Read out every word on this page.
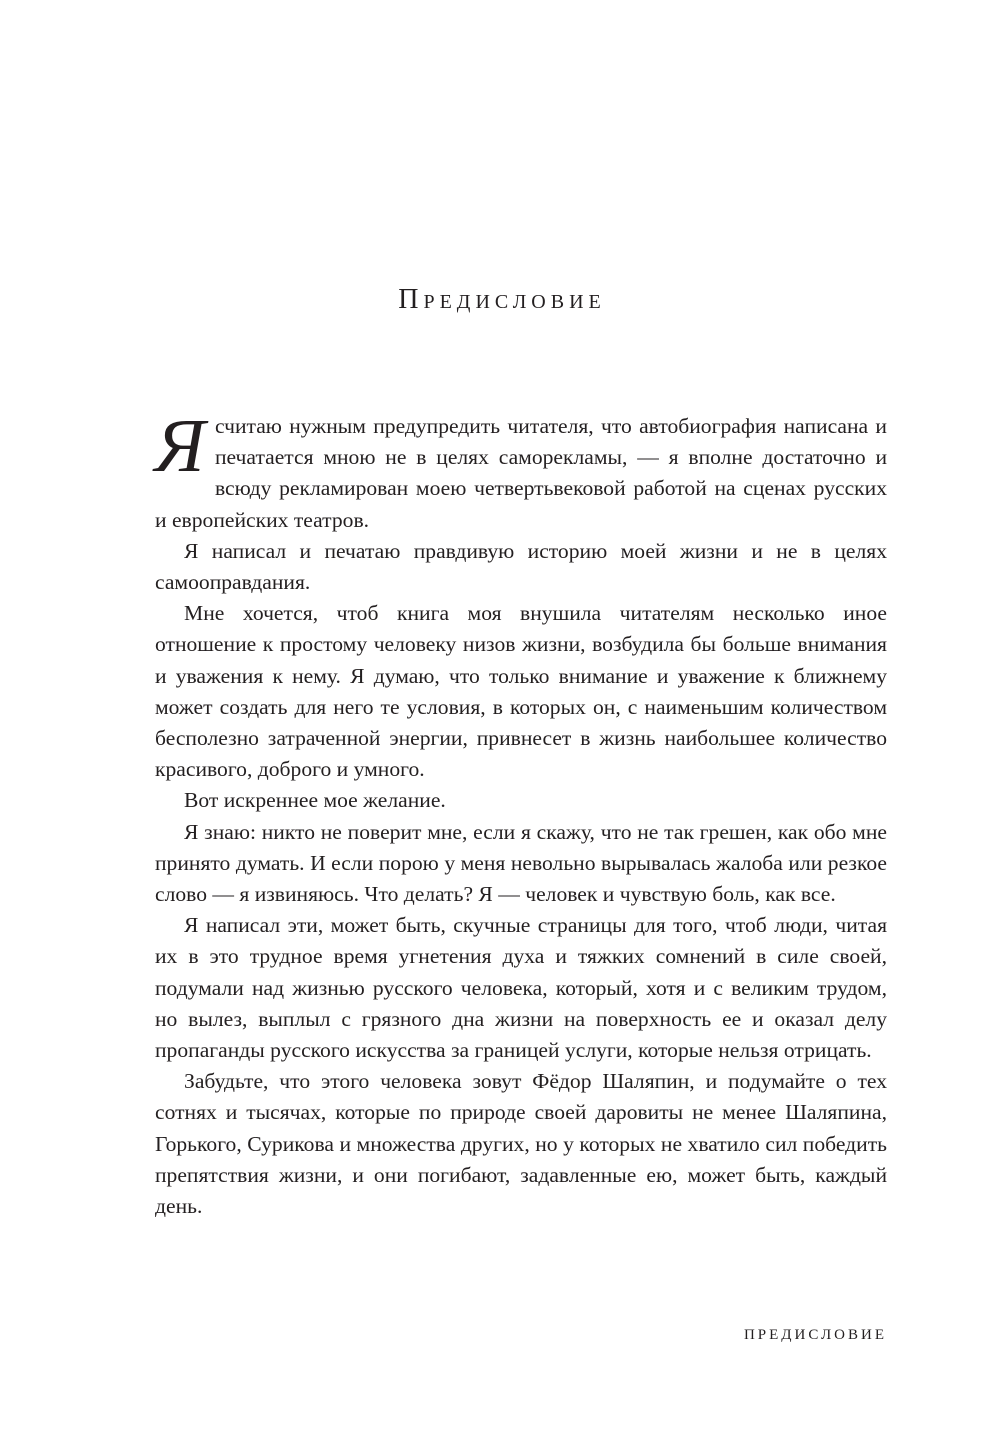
Предисловие

Ясчитаю нужным предупредить читателя, что автобиография написана и печатается мною не в целях саморекламы, — я вполне достаточно и всюду рекламирован моею четвертьвековой работой на сценах русских и европейских театров.

Я написал и печатаю правдивую историю моей жизни и не в целях самооправдания.

Мне хочется, чтоб книга моя внушила читателям несколько иное отношение к простому человеку низов жизни, возбудила бы больше внимания и уважения к нему. Я думаю, что только внимание и уважение к ближнему может создать для него те условия, в которых он, с наименьшим количеством бесполезно затраченной энергии, привнесет в жизнь наибольшее количество красивого, доброго и умного.

Вот искреннее мое желание.

Я знаю: никто не поверит мне, если я скажу, что не так грешен, как обо мне принято думать. И если порою у меня невольно вырывалась жалоба или резкое слово — я извиняюсь. Что делать? Я — человек и чувствую боль, как все.

Я написал эти, может быть, скучные страницы для того, чтоб люди, читая их в это трудное время угнетения духа и тяжких сомнений в силе своей, подумали над жизнью русского человека, который, хотя и с великим трудом, но вылез, выплыл с грязного дна жизни на поверхность ее и оказал делу пропаганды русского искусства за границей услуги, которые нельзя отрицать.

Забудьте, что этого человека зовут Фёдор Шаляпин, и подумайте о тех сотнях и тысячах, которые по природе своей даровиты не менее Шаляпина, Горького, Сурикова и множества других, но у которых не хватило сил победить препятствия жизни, и они погибают, задавленные ею, может быть, каждый день.

ПРЕДИСЛОВИЕ
